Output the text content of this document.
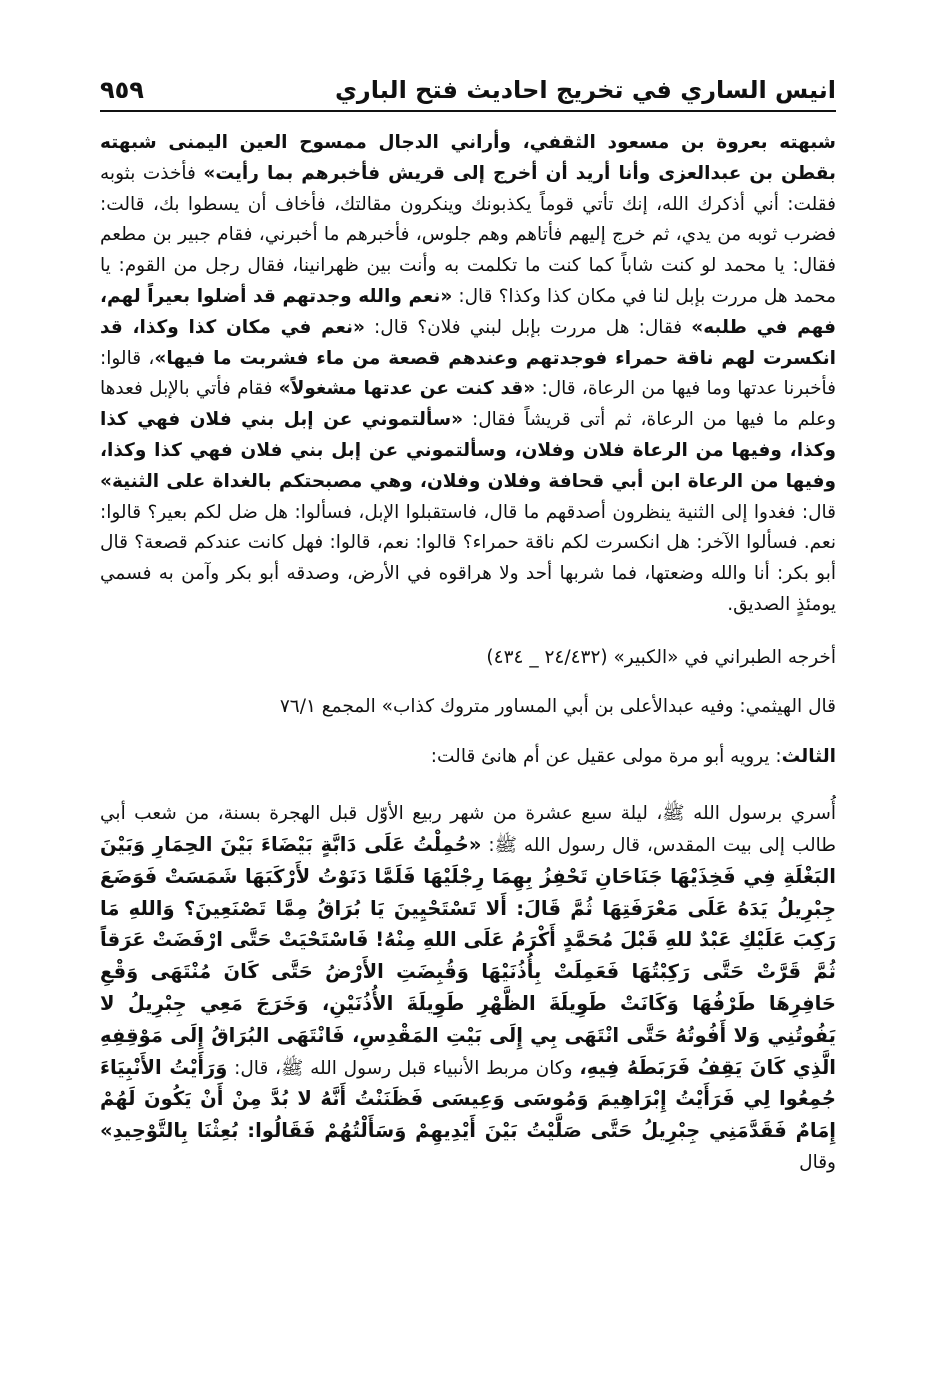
انيس الساري في تخريج احاديث فتح الباري
٩٥٩

شبهته بعروة بن مسعود الثقفي، وأراني الدجال ممسوح العين اليمنى شبهته بقطن بن عبدالعزى وأنا أريد أن أخرج إلى قريش فأخبرهم بما رأيت» فأخذت بثوبه فقلت: أني أذكرك الله، إنك تأتي قوماً يكذبونك وينكرون مقالتك، فأخاف أن يسطوا بك، قالت: فضرب ثوبه من يدي، ثم خرج إليهم فأتاهم وهم جلوس، فأخبرهم ما أخبرني، فقام جبير بن مطعم فقال: يا محمد لو كنت شاباً كما كنت ما تكلمت به وأنت بين ظهرانينا، فقال رجل من القوم: يا محمد هل مررت بإبل لنا في مكان كذا وكذا؟ قال: «نعم والله وجدتهم قد أضلوا بعيراً لهم، فهم في طلبه» فقال: هل مررت بإبل لبني فلان؟ قال: «نعم في مكان كذا وكذا، قد انكسرت لهم ناقة حمراء فوجدتهم وعندهم قصعة من ماء فشربت ما فيها»، قالوا: فأخبرنا عدتها وما فيها من الرعاة، قال: «قد كنت عن عدتها مشغولاً» فقام فأتي بالإبل فعدها وعلم ما فيها من الرعاة، ثم أتى قريشاً فقال: «سألتموني عن إبل بني فلان فهي كذا وكذا، وفيها من الرعاة فلان وفلان، وسألتموني عن إبل بني فلان فهي كذا وكذا، وفيها من الرعاة ابن أبي قحافة وفلان وفلان، وهي مصبحتكم بالغداة على الثنية» قال: فغدوا إلى الثنية ينظرون أصدقهم ما قال، فاستقبلوا الإبل، فسألوا: هل ضل لكم بعير؟ قالوا: نعم. فسألوا الآخر: هل انكسرت لكم ناقة حمراء؟ قالوا: نعم، قالوا: فهل كانت عندكم قصعة؟ قال أبو بكر: أنا والله وضعتها، فما شربها أحد ولا هراقوه في الأرض، وصدقه أبو بكر وآمن به فسمي يومئذٍ الصديق.

أخرجه الطبراني في «الكبير» (٢٤/٤٣٢ _ ٤٣٤)

قال الهيثمي: وفيه عبدالأعلى بن أبي المساور متروك كذاب» المجمع ٧٦/١

الثالث: يرويه أبو مرة مولى عقيل عن أم هانئ قالت:

أُسري برسول الله ﷺ، ليلة سبع عشرة من شهر ربيع الأوّل قبل الهجرة بسنة، من شعب أبي طالب إلى بيت المقدس، قال رسول الله ﷺ: «حُمِلْتُ عَلَى دَابَّةٍ بَيْضَاءَ بَيْنَ الحِمَارِ وَبَيْنَ البَغْلَةِ فِي فَخِذَيْهَا جَنَاحَانِ تَحْفِزُ بِهِمَا رِجْلَيْهَا فَلَمَّا دَنَوْتُ لأَرْكَبَهَا شَمَسَتْ فَوَضَعَ جِبْرِيلُ يَدَهُ عَلَى مَعْرَفَتِهَا ثُمَّ قَالَ: أَلا تَسْتَحْيِينَ يَا بُرَاقُ مِمَّا تَصْنَعِينَ؟ وَاللهِ مَا رَكِبَ عَلَيْكِ عَبْدٌ للهِ قَبْلَ مُحَمَّدٍ أَكْرَمُ عَلَى اللهِ مِنْهُ! فَاسْتَحْيَتْ حَتَّى ارْفَضَتْ عَرَقاً ثُمَّ قَرَّتْ حَتَّى رَكِبْتُهَا فَعَمِلَتْ بِأُذُنَيْهَا وَقُبِضَتِ الأَرْضُ حَتَّى كَانَ مُنْتَهَى وَقْعِ حَافِرِهَا طَرْفُهَا وَكَانَتْ طَوِيلَةَ الظَّهْرِ طَوِيلَةَ الأُذُنَيْنِ، وَخَرَجَ مَعِي جِبْرِيلُ لا يَفُوتُنِي وَلا أَفُوتُهُ حَتَّى انْتَهَى بِي إِلَى بَيْتِ المَقْدِسِ، فَانْتَهَى البُرَاقُ إِلَى مَوْقِفِهِ الَّذِي كَانَ يَقِفُ فَرَبَطَهُ فِيهِ، وكان مربط الأنبياء قبل رسول الله ﷺ، قال: وَرَأَيْتُ الأَنْبِيَاءَ جُمِعُوا لِي فَرَأَيْتُ إِبْرَاهِيمَ وَمُوسَى وَعِيسَى فَظَنَنْتُ أَنَّهُ لا بُدَّ مِنْ أَنْ يَكُونَ لَهُمْ إِمَامٌ فَقَدَّمَنِي جِبْرِيلُ حَتَّى صَلَّيْتُ بَيْنَ أَيْدِيهِمْ وَسَأَلْتُهُمْ فَقَالُوا: بُعِثْنَا بِالتَّوْحِيدِ» وقال
